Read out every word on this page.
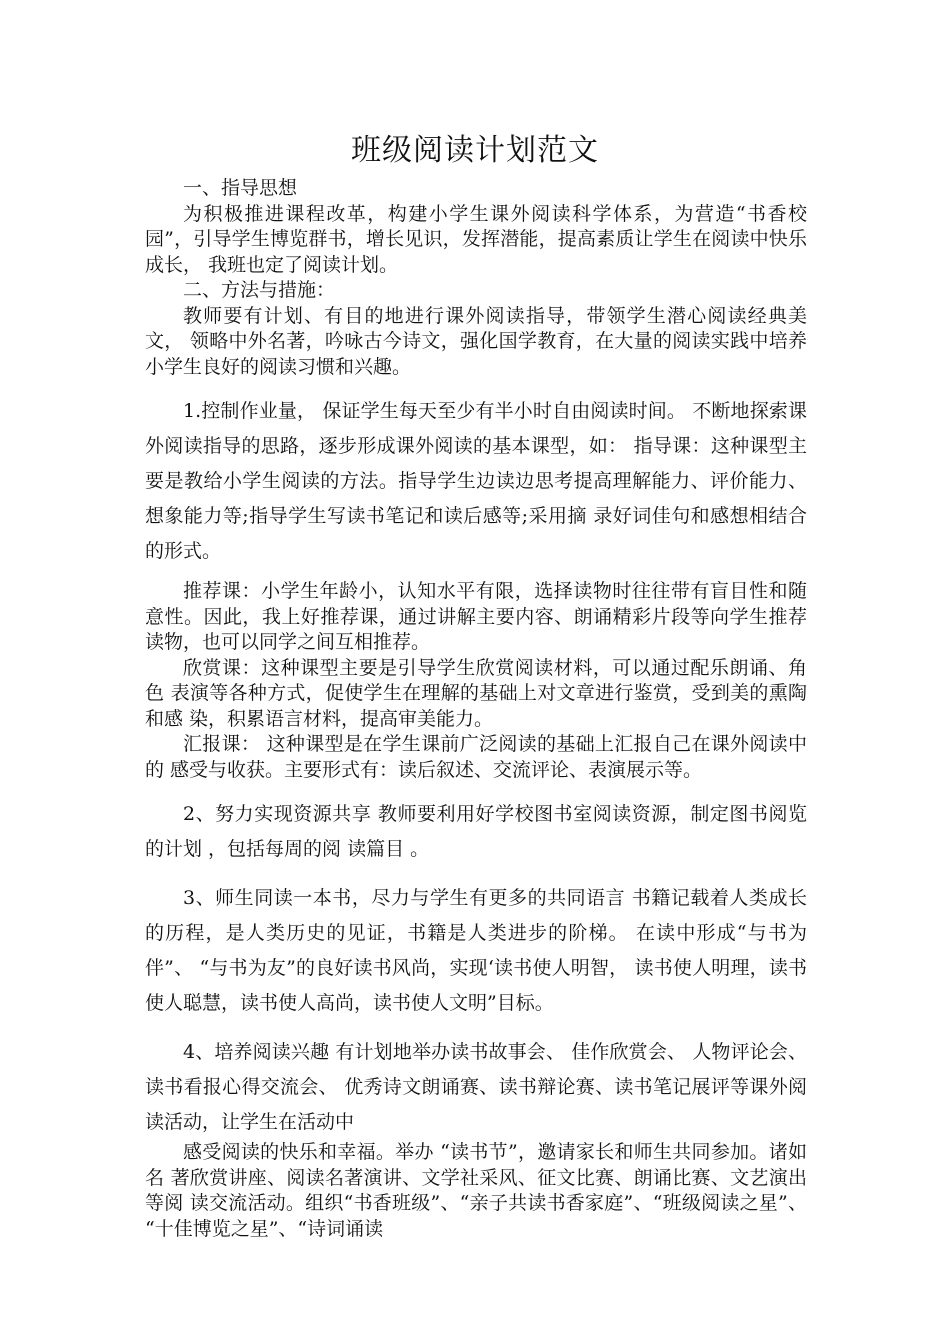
班级阅读计划范文

一、指导思想

为积极推进课程改革，构建小学生课外阅读科学体系，为营造“书香校园”，引导学生博览群书，增长见识，发挥潜能，提高素质让学生在阅读中快乐成长， 我班也定了阅读计划。

二、方法与措施：

教师要有计划、有目的地进行课外阅读指导，带领学生潜心阅读经典美文， 领略中外名著，吟咏古今诗文，强化国学教育，在大量的阅读实践中培养小学生良好的阅读习惯和兴趣。

1.控制作业量， 保证学生每天至少有半小时自由阅读时间。 不断地探索课外阅读指导的思路，逐步形成课外阅读的基本课型，如： 指导课：这种课型主要是教给小学生阅读的方法。指导学生边读边思考提高理解能力、评价能力、想象能力等;指导学生写读书笔记和读后感等;采用摘 录好词佳句和感想相结合的形式。

推荐课：小学生年龄小，认知水平有限，选择读物时往往带有盲目性和随意性。因此，我上好推荐课，通过讲解主要内容、朗诵精彩片段等向学生推荐读物，也可以同学之间互相推荐。

欣赏课：这种课型主要是引导学生欣赏阅读材料，可以通过配乐朗诵、角色 表演等各种方式，促使学生在理解的基础上对文章进行鉴赏，受到美的熏陶和感 染，积累语言材料，提高审美能力。

汇报课： 这种课型是在学生课前广泛阅读的基础上汇报自己在课外阅读中的 感受与收获。主要形式有：读后叙述、交流评论、表演展示等。

2、努力实现资源共享 教师要利用好学校图书室阅读资源，制定图书阅览的计划 ，包括每周的阅 读篇目 。

3、师生同读一本书，尽力与学生有更多的共同语言 书籍记载着人类成长的历程，是人类历史的见证，书籍是人类进步的阶梯。 在读中形成“与书为伴”、 “与书为友”的良好读书风尚，实现‘读书使人明智， 读书使人明理，读书使人聪慧，读书使人高尚，读书使人文明”目标。

4、培养阅读兴趣 有计划地举办读书故事会、 佳作欣赏会、 人物评论会、 读书看报心得交流会、 优秀诗文朗诵赛、读书辩论赛、读书笔记展评等课外阅读活动，让学生在活动中

感受阅读的快乐和幸福。举办 “读书节”，邀请家长和师生共同参加。诸如名 著欣赏讲座、阅读名著演讲、文学社采风、征文比赛、朗诵比赛、文艺演出等阅 读交流活动。组织“书香班级”、“亲子共读书香家庭”、“班级阅读之星”、 “十佳博览之星”、“诗词诵读
